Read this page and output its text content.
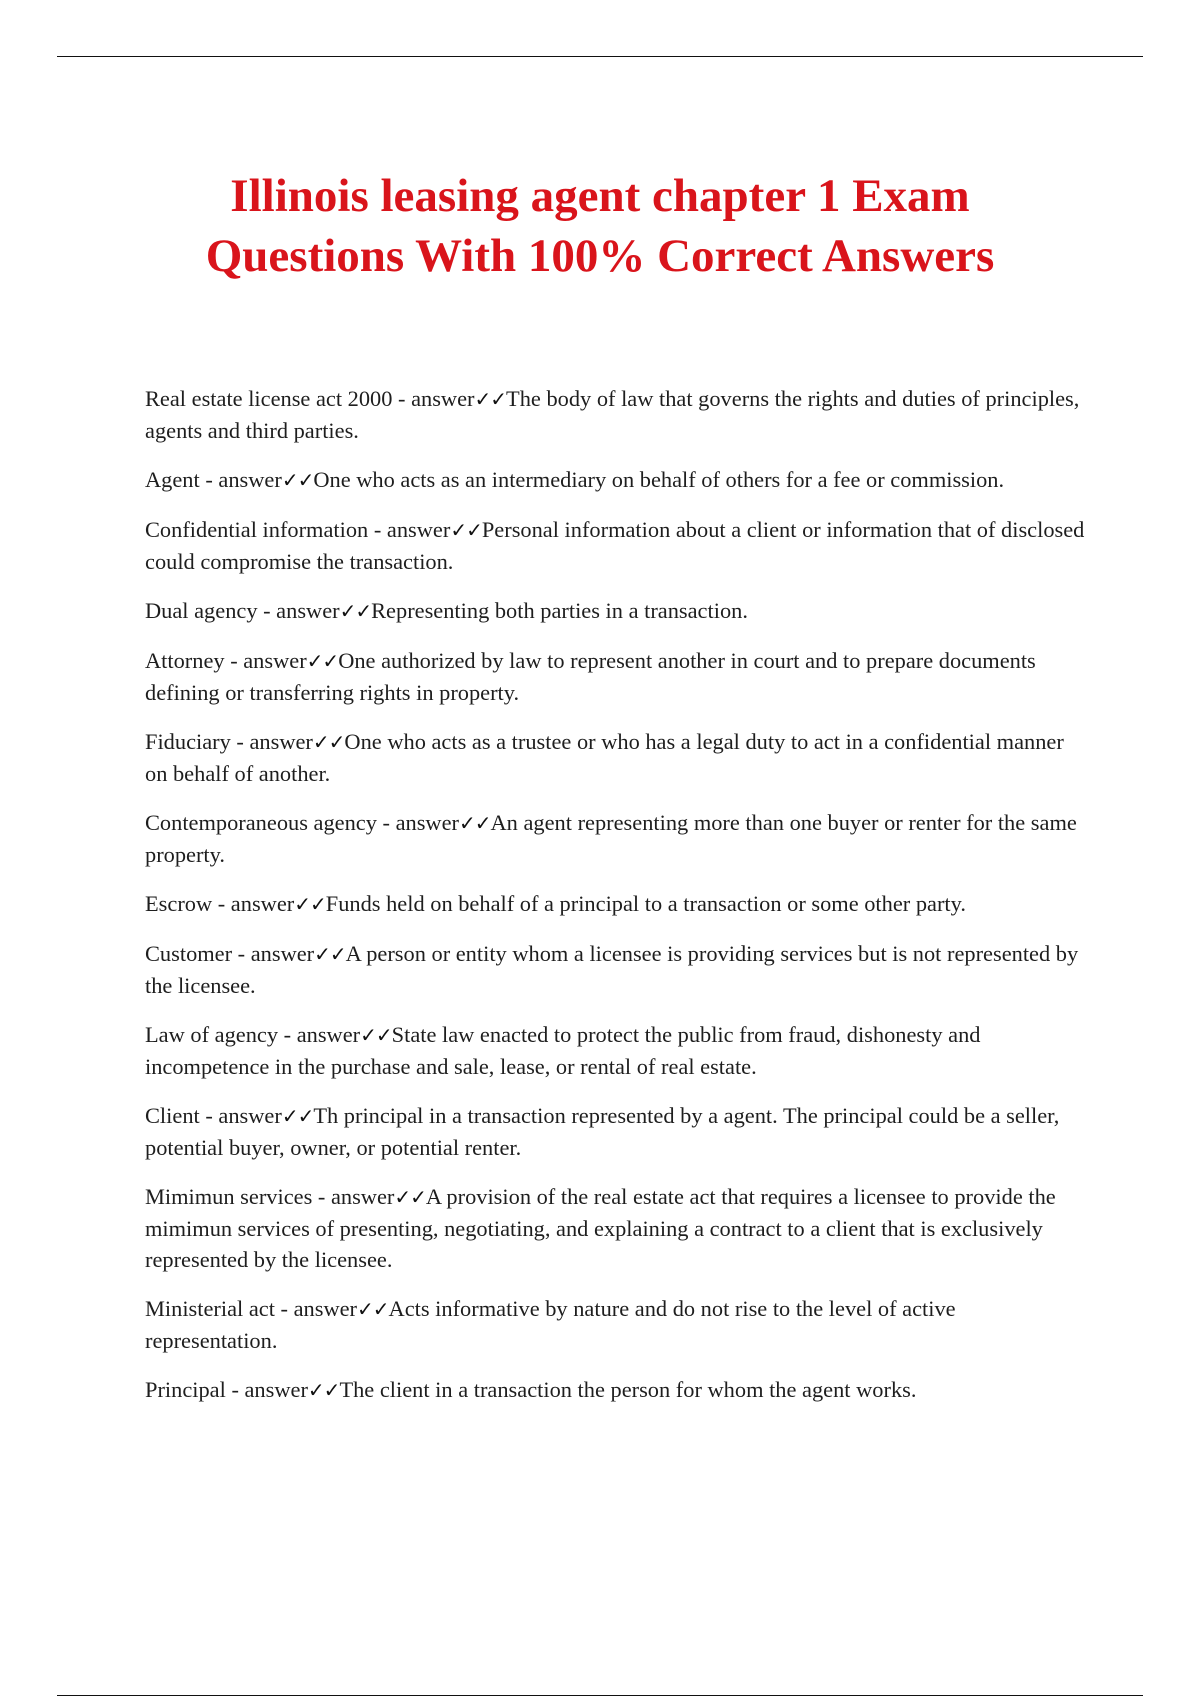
Illinois leasing agent chapter 1 Exam
Questions With 100% Correct Answers

Real estate license act 2000 - answer✓✓The body of law that governs the rights and duties of principles, agents and third parties.

Agent - answer✓✓One who acts as an intermediary on behalf of others for a fee or commission.

Confidential information - answer✓✓Personal information about a client or information that of disclosed could compromise the transaction.

Dual agency - answer✓✓Representing both parties in a transaction.

Attorney - answer✓✓One authorized by law to represent another in court and to prepare documents defining or transferring rights in property.

Fiduciary - answer✓✓One who acts as a trustee or who has a legal duty to act in a confidential manner on behalf of another.

Contemporaneous agency - answer✓✓An agent representing more than one buyer or renter for the same property.

Escrow - answer✓✓Funds held on behalf of a principal to a transaction or some other party.

Customer - answer✓✓A person or entity whom a licensee is providing services but is not represented by the licensee.

Law of agency - answer✓✓State law enacted to protect the public from fraud, dishonesty and incompetence in the purchase and sale, lease, or rental of real estate.

Client - answer✓✓Th principal in a transaction represented by a agent. The principal could be a seller, potential buyer, owner, or potential renter.

Mimimun services - answer✓✓A provision of the real estate act that requires a licensee to provide the mimimun services of presenting, negotiating, and explaining a contract to a client that is exclusively represented by the licensee.

Ministerial act - answer✓✓Acts informative by nature and do not rise to the level of active representation.

Principal - answer✓✓The client in a transaction the person for whom the agent works.
